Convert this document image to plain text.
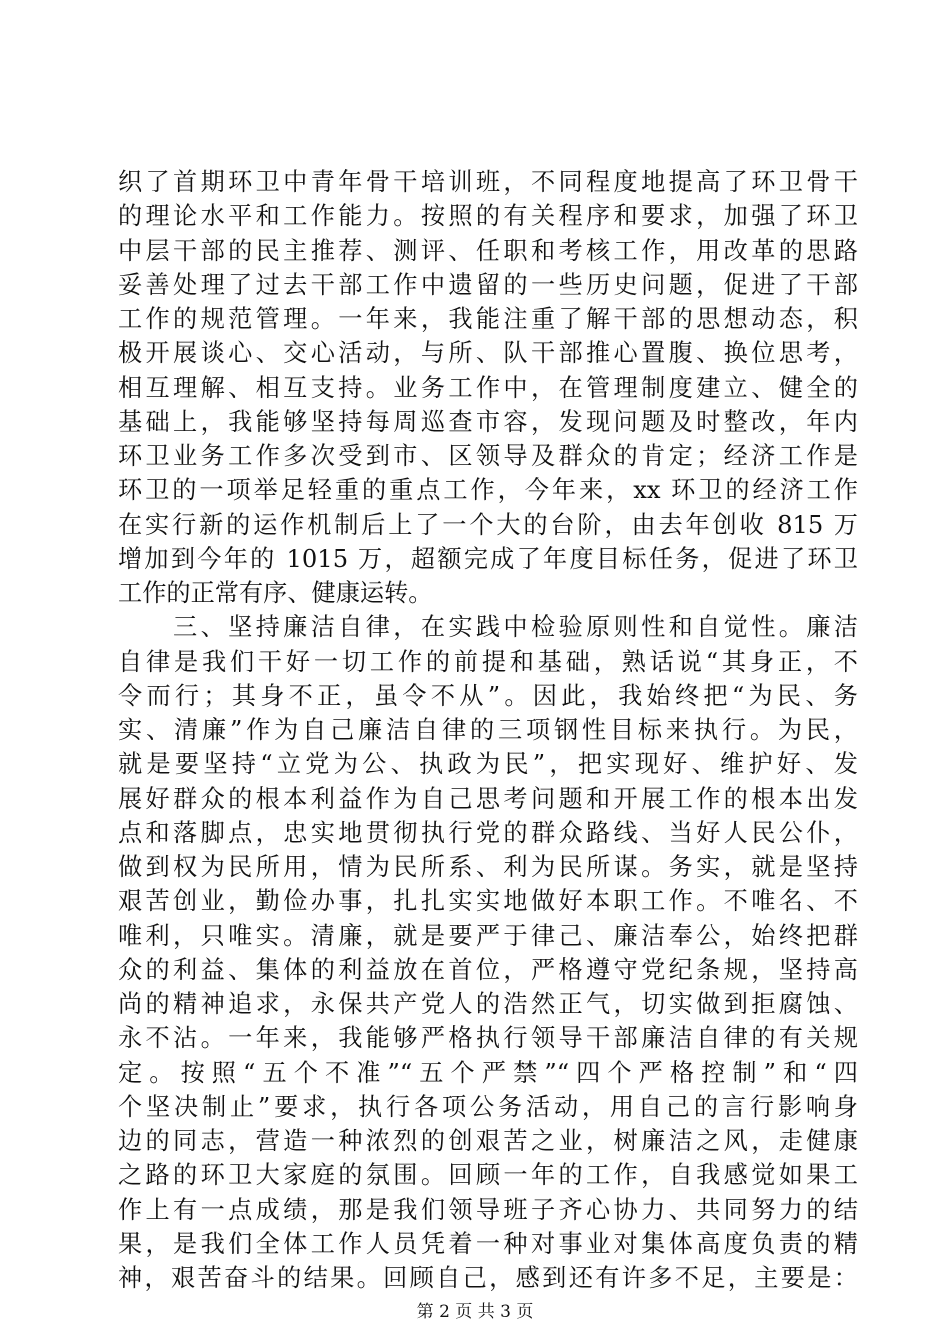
织了首期环卫中青年骨干培训班，不同程度地提高了环卫骨干
的理论水平和工作能力。按照的有关程序和要求，加强了环卫
中层干部的民主推荐、测评、任职和考核工作，用改革的思路
妥善处理了过去干部工作中遗留的一些历史问题，促进了干部
工作的规范管理。一年来，我能注重了解干部的思想动态，积
极开展谈心、交心活动，与所、队干部推心置腹、换位思考，
相互理解、相互支持。业务工作中，在管理制度建立、健全的
基础上，我能够坚持每周巡查市容，发现问题及时整改，年内
环卫业务工作多次受到市、区领导及群众的肯定；经济工作是
环卫的一项举足轻重的重点工作，今年来，xx 环卫的经济工作
在实行新的运作机制后上了一个大的台阶，由去年创收 815 万
增加到今年的 1015 万，超额完成了年度目标任务，促进了环卫
工作的正常有序、健康运转。
　　三、坚持廉洁自律，在实践中检验原则性和自觉性。廉洁
自律是我们干好一切工作的前提和基础，熟话说“其身正，不
令而行；其身不正，虽令不从”。因此，我始终把“为民、务
实、清廉”作为自己廉洁自律的三项钢性目标来执行。为民，
就是要坚持“立党为公、执政为民”，把实现好、维护好、发
展好群众的根本利益作为自己思考问题和开展工作的根本出发
点和落脚点，忠实地贯彻执行党的群众路线、当好人民公仆，
做到权为民所用，情为民所系、利为民所谋。务实，就是坚持
艰苦创业，勤俭办事，扎扎实实地做好本职工作。不唯名、不
唯利，只唯实。清廉，就是要严于律己、廉洁奉公，始终把群
众的利益、集体的利益放在首位，严格遵守党纪条规，坚持高
尚的精神追求，永保共产党人的浩然正气，切实做到拒腐蚀、
永不沾。一年来，我能够严格执行领导干部廉洁自律的有关规
定。按照“五个不准”“五个严禁”“四个严格控制”和“四
个坚决制止”要求，执行各项公务活动，用自己的言行影响身
边的同志，营造一种浓烈的创艰苦之业，树廉洁之风，走健康
之路的环卫大家庭的氛围。回顾一年的工作，自我感觉如果工
作上有一点成绩，那是我们领导班子齐心协力、共同努力的结
果，是我们全体工作人员凭着一种对事业对集体高度负责的精
神，艰苦奋斗的结果。回顾自己，感到还有许多不足，主要是：
第 2 页 共 3 页
